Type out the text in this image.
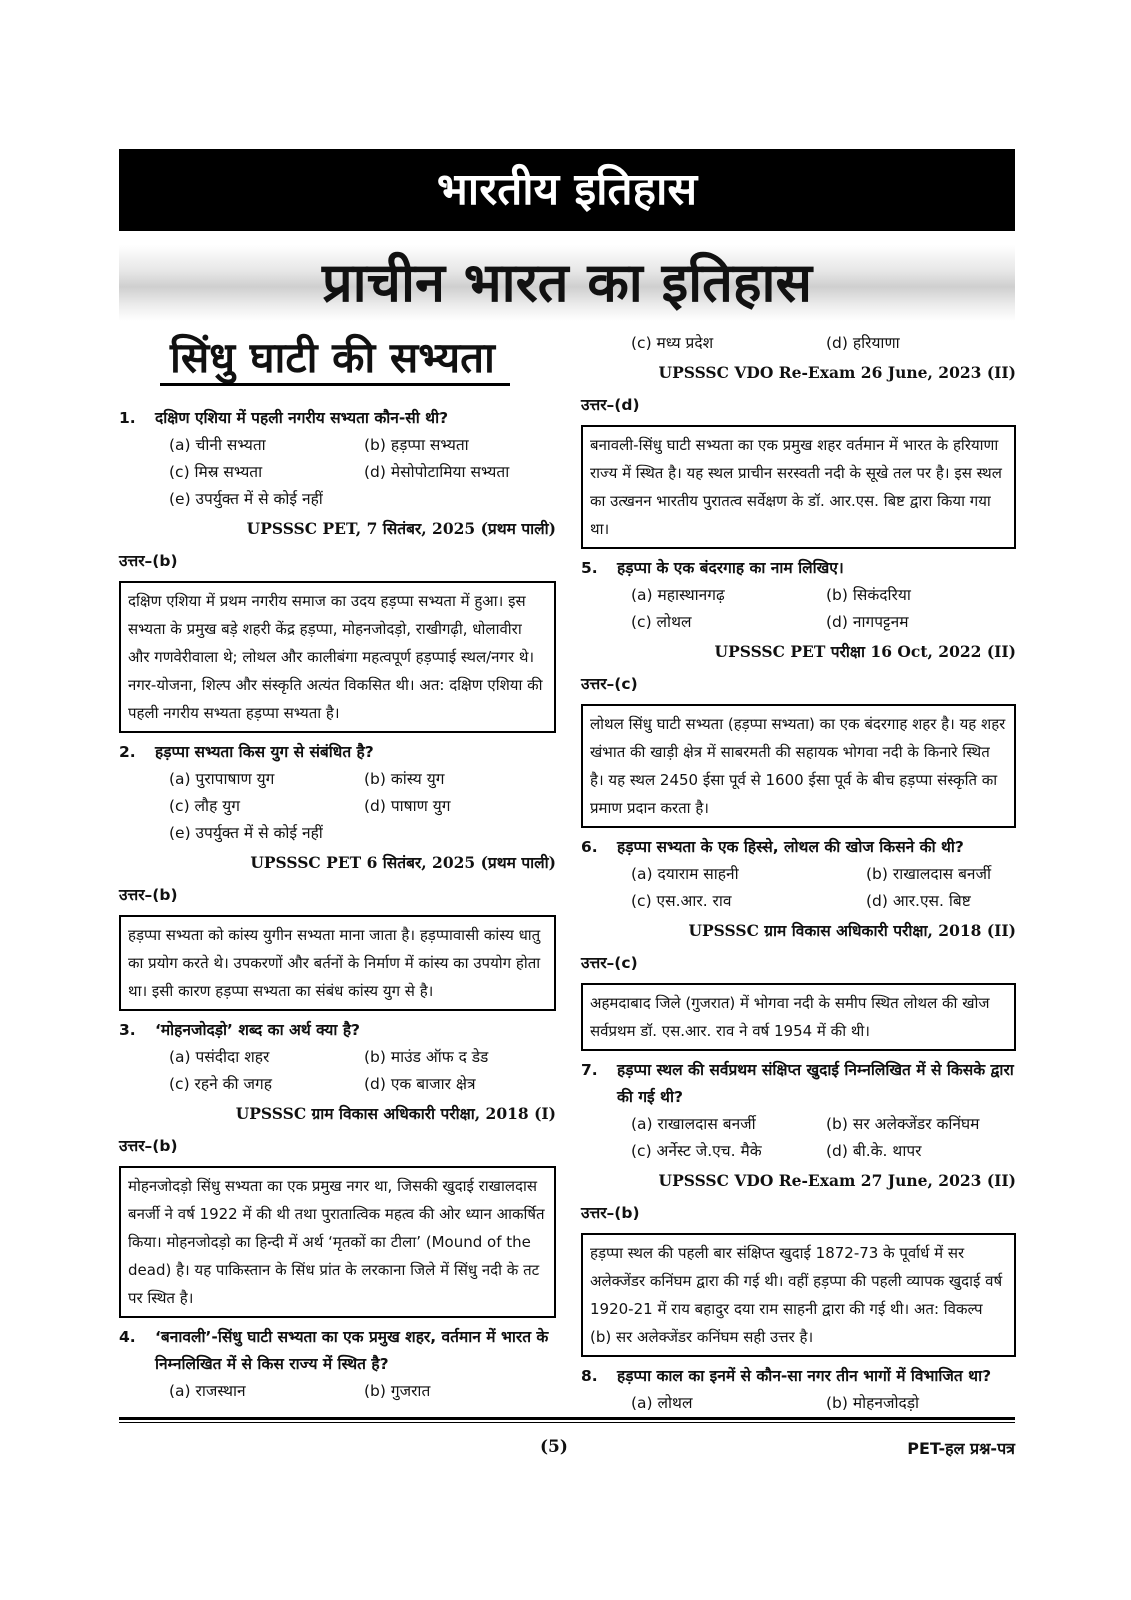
भारतीय इतिहास
प्राचीन भारत का इतिहास
सिंधु घाटी की सभ्यता
1.	दक्षिण एशिया में पहली नगरीय सभ्यता कौन-सी थी?
(a) चीनी सभ्यता	(b) हड़प्पा सभ्यता
(c) मिस्र सभ्यता	(d) मेसोपोटामिया सभ्यता
(e) उपर्युक्त में से कोई नहीं
UPSSSC PET, 7 सितंबर, 2025 (प्रथम पाली)
उत्तर–(b)
दक्षिण एशिया में प्रथम नगरीय समाज का उदय हड़प्पा सभ्यता में हुआ। इस सभ्यता के प्रमुख बड़े शहरी केंद्र हड़प्पा, मोहनजोदड़ो, राखीगढ़ी, धोलावीरा और गणवेरीवाला थे; लोथल और कालीबंगा महत्वपूर्ण हड़प्पाई स्थल/नगर थे। नगर-योजना, शिल्प और संस्कृति अत्यंत विकसित थी। अत: दक्षिण एशिया की पहली नगरीय सभ्यता हड़प्पा सभ्यता है।
2.	हड़प्पा सभ्यता किस युग से संबंधित है?
(a) पुरापाषाण युग	(b) कांस्य युग
(c) लौह युग	(d) पाषाण युग
(e) उपर्युक्त में से कोई नहीं
UPSSSC PET 6 सितंबर, 2025 (प्रथम पाली)
उत्तर–(b)
हड़प्पा सभ्यता को कांस्य युगीन सभ्यता माना जाता है। हड़प्पावासी कांस्य धातु का प्रयोग करते थे। उपकरणों और बर्तनों के निर्माण में कांस्य का उपयोग होता था। इसी कारण हड़प्पा सभ्यता का संबंध कांस्य युग से है।
3.	‘मोहनजोदड़ो’ शब्द का अर्थ क्या है?
(a) पसंदीदा शहर	(b) माउंड ऑफ द डेड
(c) रहने की जगह	(d) एक बाजार क्षेत्र
UPSSSC ग्राम विकास अधिकारी परीक्षा, 2018 (I)
उत्तर–(b)
मोहनजोदड़ो सिंधु सभ्यता का एक प्रमुख नगर था, जिसकी खुदाई राखालदास बनर्जी ने वर्ष 1922 में की थी तथा पुरातात्विक महत्व की ओर ध्यान आकर्षित किया। मोहनजोदड़ो का हिन्दी में अर्थ ‘मृतकों का टीला’ (Mound of the dead) है। यह पाकिस्तान के सिंध प्रांत के लरकाना जिले में सिंधु नदी के तट पर स्थित है।
4.	‘बनावली’-सिंधु घाटी सभ्यता का एक प्रमुख शहर, वर्तमान में भारत के निम्नलिखित में से किस राज्य में स्थित है?
(a) राजस्थान	(b) गुजरात
(c) मध्य प्रदेश	(d) हरियाणा
UPSSSC VDO Re-Exam 26 June, 2023 (II)
उत्तर–(d)
बनावली-सिंधु घाटी सभ्यता का एक प्रमुख शहर वर्तमान में भारत के हरियाणा राज्य में स्थित है। यह स्थल प्राचीन सरस्वती नदी के सूखे तल पर है। इस स्थल का उत्खनन भारतीय पुरातत्व सर्वेक्षण के डॉ. आर.एस. बिष्ट द्वारा किया गया था।
5.	हड़प्पा के एक बंदरगाह का नाम लिखिए।
(a) महास्थानगढ़	(b) सिकंदरिया
(c) लोथल	(d) नागपट्टनम
UPSSSC PET परीक्षा 16 Oct, 2022 (II)
उत्तर–(c)
लोथल सिंधु घाटी सभ्यता (हड़प्पा सभ्यता) का एक बंदरगाह शहर है। यह शहर खंभात की खाड़ी क्षेत्र में साबरमती की सहायक भोगवा नदी के किनारे स्थित है। यह स्थल 2450 ईसा पूर्व से 1600 ईसा पूर्व के बीच हड़प्पा संस्कृति का प्रमाण प्रदान करता है।
6.	हड़प्पा सभ्यता के एक हिस्से, लोथल की खोज किसने की थी?
(a) दयाराम साहनी	(b) राखालदास बनर्जी
(c) एस.आर. राव	(d) आर.एस. बिष्ट
UPSSSC ग्राम विकास अधिकारी परीक्षा, 2018 (II)
उत्तर–(c)
अहमदाबाद जिले (गुजरात) में भोगवा नदी के समीप स्थित लोथल की खोज सर्वप्रथम डॉ. एस.आर. राव ने वर्ष 1954 में की थी।
7.	हड़प्पा स्थल की सर्वप्रथम संक्षिप्त खुदाई निम्नलिखित में से किसके द्वारा की गई थी?
(a) राखालदास बनर्जी	(b) सर अलेक्जेंडर कनिंघम
(c) अर्नेस्ट जे.एच. मैके	(d) बी.के. थापर
UPSSSC VDO Re-Exam 27 June, 2023 (II)
उत्तर–(b)
हड़प्पा स्थल की पहली बार संक्षिप्त खुदाई 1872-73 के पूर्वार्ध में सर अलेक्जेंडर कनिंघम द्वारा की गई थी। वहीं हड़प्पा की पहली व्यापक खुदाई वर्ष 1920-21 में राय बहादुर दया राम साहनी द्वारा की गई थी। अत: विकल्प (b) सर अलेक्जेंडर कनिंघम सही उत्तर है।
8.	हड़प्पा काल का इनमें से कौन-सा नगर तीन भागों में विभाजित था?
(a) लोथल	(b) मोहनजोदड़ो
(5)	PET-हल प्रश्न-पत्र
